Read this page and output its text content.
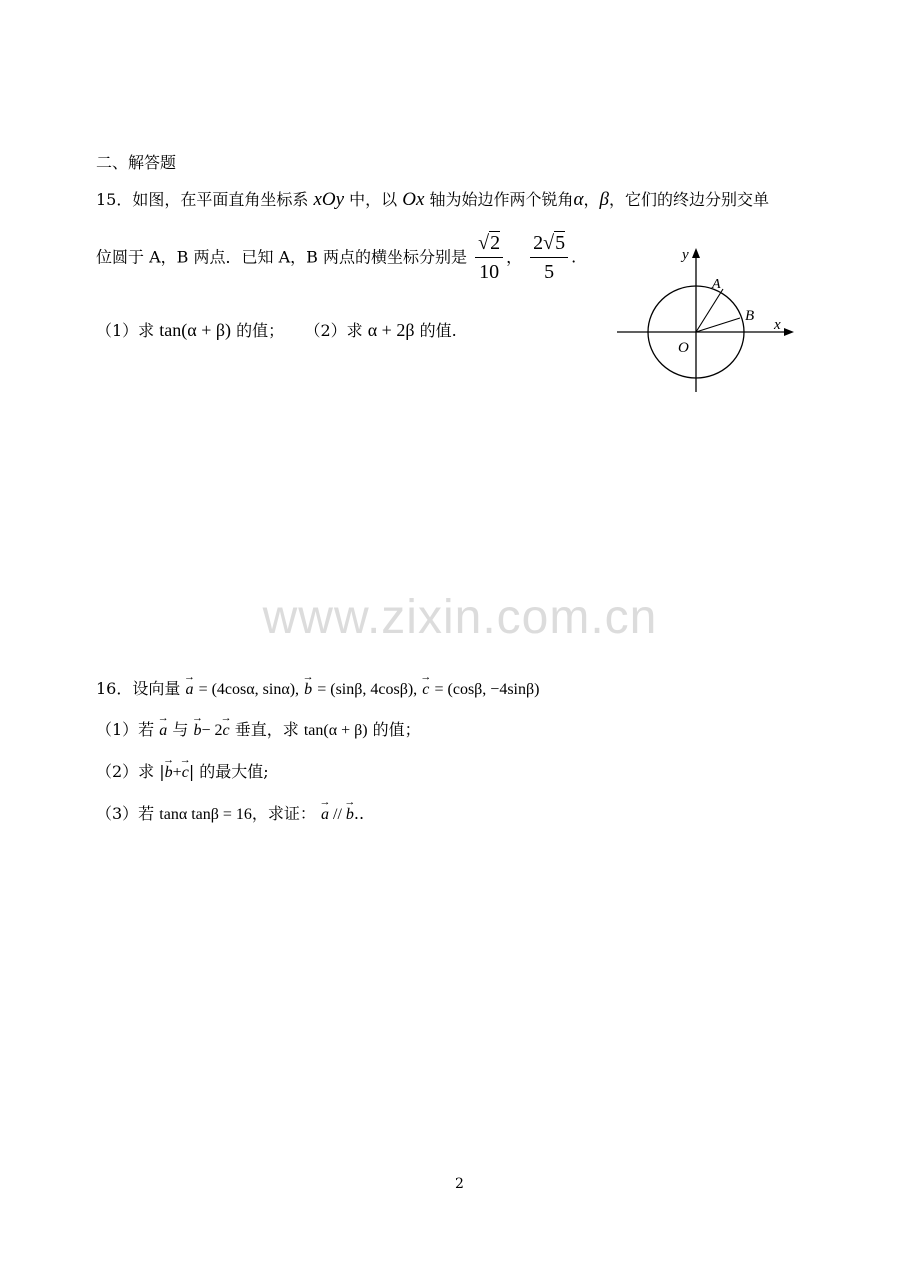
二、解答题
15．如图，在平面直角坐标系 xOy 中，以 Ox 轴为始边作两个锐角α，β，它们的终边分别交单
位圆于 A，B 两点．已知 A，B 两点的横坐标分别是 $\frac{√2}{10}$ ， $\frac{2√5}{5}$ .
（1）求 tan(α + β) 的值； （2）求 α + 2β 的值.
y
x
O
A
B
www.zixin.com.cn
16．设向量 → a = (4cosα, sinα), → b = (sinβ, 4cosβ), → c = (cosβ, −4sinβ)
（1）若 → a 与 → b− 2→ c 垂直，求 tan(α + β) 的值；
（2）求 |→ b+→ c| 的最大值;
（3）若 tanα tanβ = 16，求证： → a // → b..
2
